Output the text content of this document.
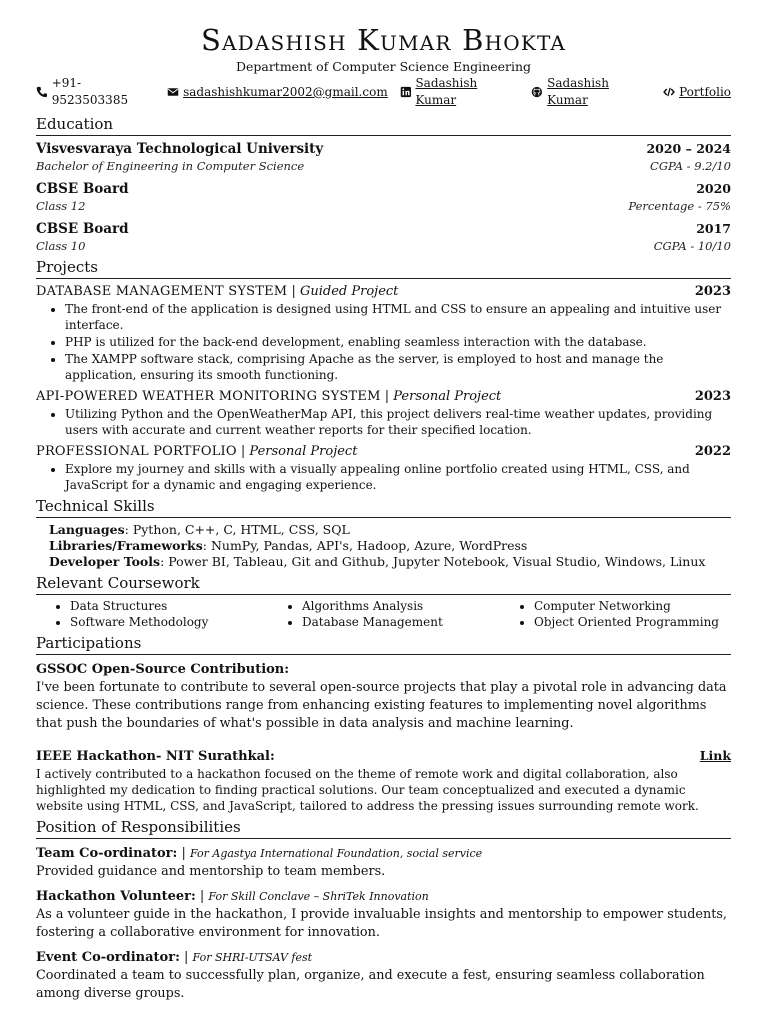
Sadashish Kumar Bhokta
Department of Computer Science Engineering
+91-9523503385
sadashishkumar2002@gmail.com
Sadashish Kumar
Sadashish Kumar
Portfolio
Education
Visvesvaraya Technological University	2020 – 2024
Bachelor of Engineering in Computer Science	CGPA - 9.2/10
CBSE Board	2020
Class 12	Percentage - 75%
CBSE Board	2017
Class 10	CGPA - 10/10
Projects
DATABASE MANAGEMENT SYSTEM | Guided Project	2023
• The front-end of the application is designed using HTML and CSS to ensure an appealing and intuitive user interface.
• PHP is utilized for the back-end development, enabling seamless interaction with the database.
• The XAMPP software stack, comprising Apache as the server, is employed to host and manage the application, ensuring its smooth functioning.
API-POWERED WEATHER MONITORING SYSTEM | Personal Project	2023
• Utilizing Python and the OpenWeatherMap API, this project delivers real-time weather updates, providing users with accurate and current weather reports for their specified location.
PROFESSIONAL PORTFOLIO | Personal Project	2022
• Explore my journey and skills with a visually appealing online portfolio created using HTML, CSS, and JavaScript for a dynamic and engaging experience.
Technical Skills
Languages: Python, C++, C, HTML, CSS, SQL
Libraries/Frameworks: NumPy, Pandas, API's, Hadoop, Azure, WordPress
Developer Tools: Power BI, Tableau, Git and Github, Jupyter Notebook, Visual Studio, Windows, Linux
Relevant Coursework
• Data Structures
• Software Methodology
• Algorithms Analysis
• Database Management
• Computer Networking
• Object Oriented Programming
Participations
GSSOC Open-Source Contribution:
I've been fortunate to contribute to several open-source projects that play a pivotal role in advancing data science. These contributions range from enhancing existing features to implementing novel algorithms that push the boundaries of what's possible in data analysis and machine learning.
IEEE Hackathon- NIT Surathkal:	Link
I actively contributed to a hackathon focused on the theme of remote work and digital collaboration, also highlighted my dedication to finding practical solutions. Our team conceptualized and executed a dynamic website using HTML, CSS, and JavaScript, tailored to address the pressing issues surrounding remote work.
Position of Responsibilities
Team Co-ordinator: | For Agastya International Foundation, social service
Provided guidance and mentorship to team members.
Hackathon Volunteer: | For Skill Conclave – ShriTek Innovation
As a volunteer guide in the hackathon, I provide invaluable insights and mentorship to empower students, fostering a collaborative environment for innovation.
Event Co-ordinator: | For SHRI-UTSAV fest
Coordinated a team to successfully plan, organize, and execute a fest, ensuring seamless collaboration among diverse groups.
